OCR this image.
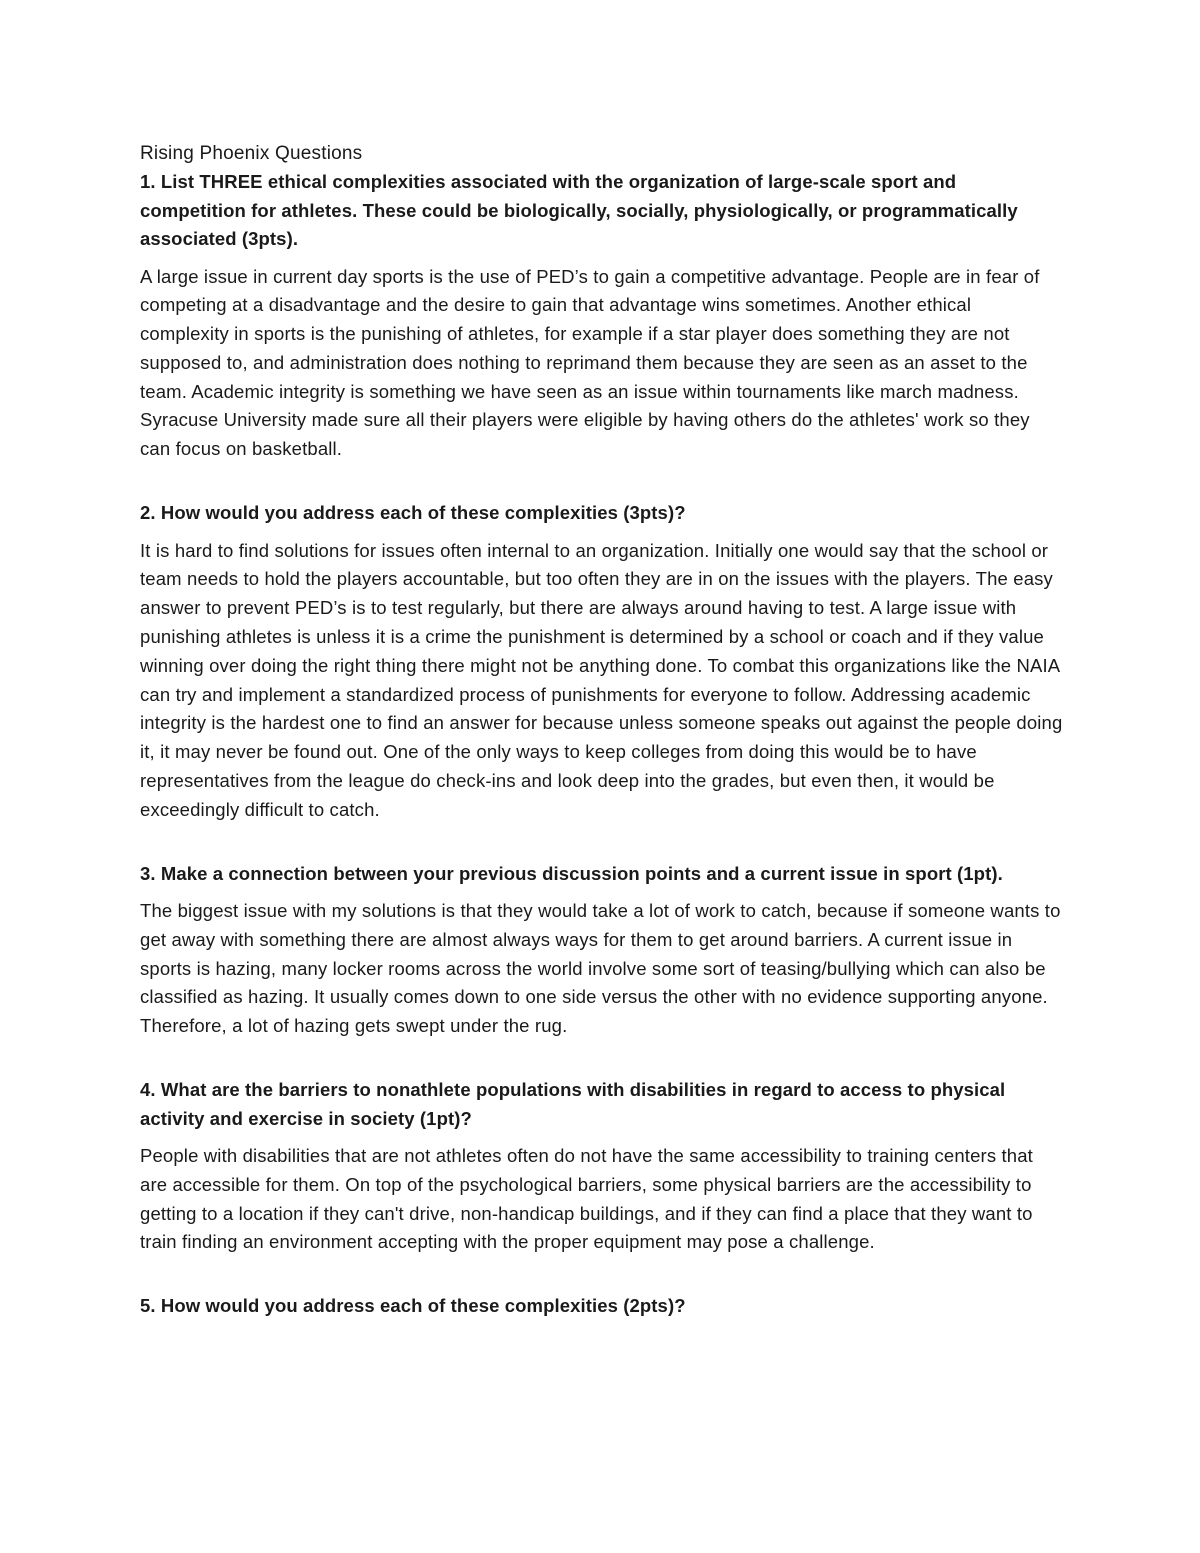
Rising Phoenix Questions

1. List THREE ethical complexities associated with the organization of large-scale sport and competition for athletes. These could be biologically, socially, physiologically, or programmatically associated (3pts).

A large issue in current day sports is the use of PED’s to gain a competitive advantage. People are in fear of competing at a disadvantage and the desire to gain that advantage wins sometimes. Another ethical complexity in sports is the punishing of athletes, for example if a star player does something they are not supposed to, and administration does nothing to reprimand them because they are seen as an asset to the team. Academic integrity is something we have seen as an issue within tournaments like march madness. Syracuse University made sure all their players were eligible by having others do the athletes' work so they can focus on basketball.

2. How would you address each of these complexities (3pts)?

It is hard to find solutions for issues often internal to an organization. Initially one would say that the school or team needs to hold the players accountable, but too often they are in on the issues with the players. The easy answer to prevent PED’s is to test regularly, but there are always around having to test. A large issue with punishing athletes is unless it is a crime the punishment is determined by a school or coach and if they value winning over doing the right thing there might not be anything done. To combat this organizations like the NAIA can try and implement a standardized process of punishments for everyone to follow. Addressing academic integrity is the hardest one to find an answer for because unless someone speaks out against the people doing it, it may never be found out. One of the only ways to keep colleges from doing this would be to have representatives from the league do check-ins and look deep into the grades, but even then, it would be exceedingly difficult to catch.

3. Make a connection between your previous discussion points and a current issue in sport (1pt).

The biggest issue with my solutions is that they would take a lot of work to catch, because if someone wants to get away with something there are almost always ways for them to get around barriers. A current issue in sports is hazing, many locker rooms across the world involve some sort of teasing/bullying which can also be classified as hazing. It usually comes down to one side versus the other with no evidence supporting anyone. Therefore, a lot of hazing gets swept under the rug.

4. What are the barriers to nonathlete populations with disabilities in regard to access to physical activity and exercise in society (1pt)?

People with disabilities that are not athletes often do not have the same accessibility to training centers that are accessible for them. On top of the psychological barriers, some physical barriers are the accessibility to getting to a location if they can't drive, non-handicap buildings, and if they can find a place that they want to train finding an environment accepting with the proper equipment may pose a challenge.

5. How would you address each of these complexities (2pts)?
